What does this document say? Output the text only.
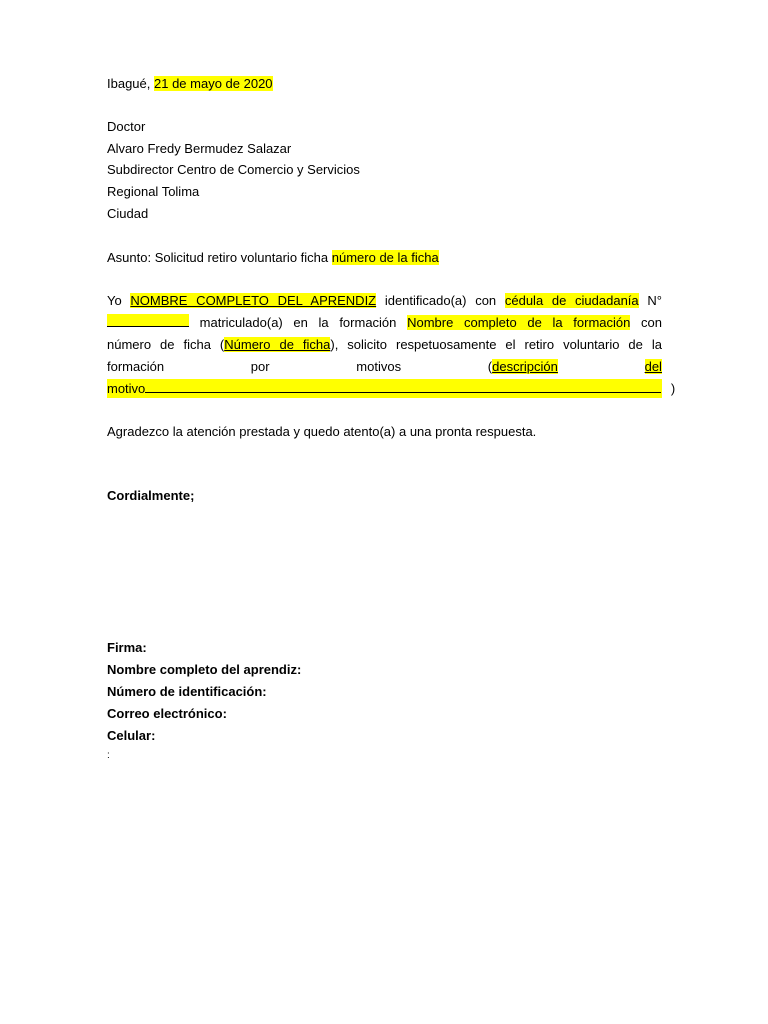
Ibagué, 21 de mayo de 2020
Doctor
Alvaro Fredy Bermudez Salazar
Subdirector Centro de Comercio y Servicios
Regional Tolima
Ciudad
Asunto: Solicitud retiro voluntario ficha número de la ficha
Yo NOMBRE COMPLETO DEL APRENDIZ identificado(a) con cédula de ciudadanía N°
matriculado(a) en la formación Nombre completo de la formación con
número de ficha (Número de ficha), solicito respetuosamente el retiro voluntario de la
formación	por	motivos	(descripción	del
motivo	)
Agradezco la atención prestada y quedo atento(a) a una pronta respuesta.
Cordialmente;
Firma:
Nombre completo del aprendiz:
Número de identificación:
Correo electrónico:
Celular:
:
